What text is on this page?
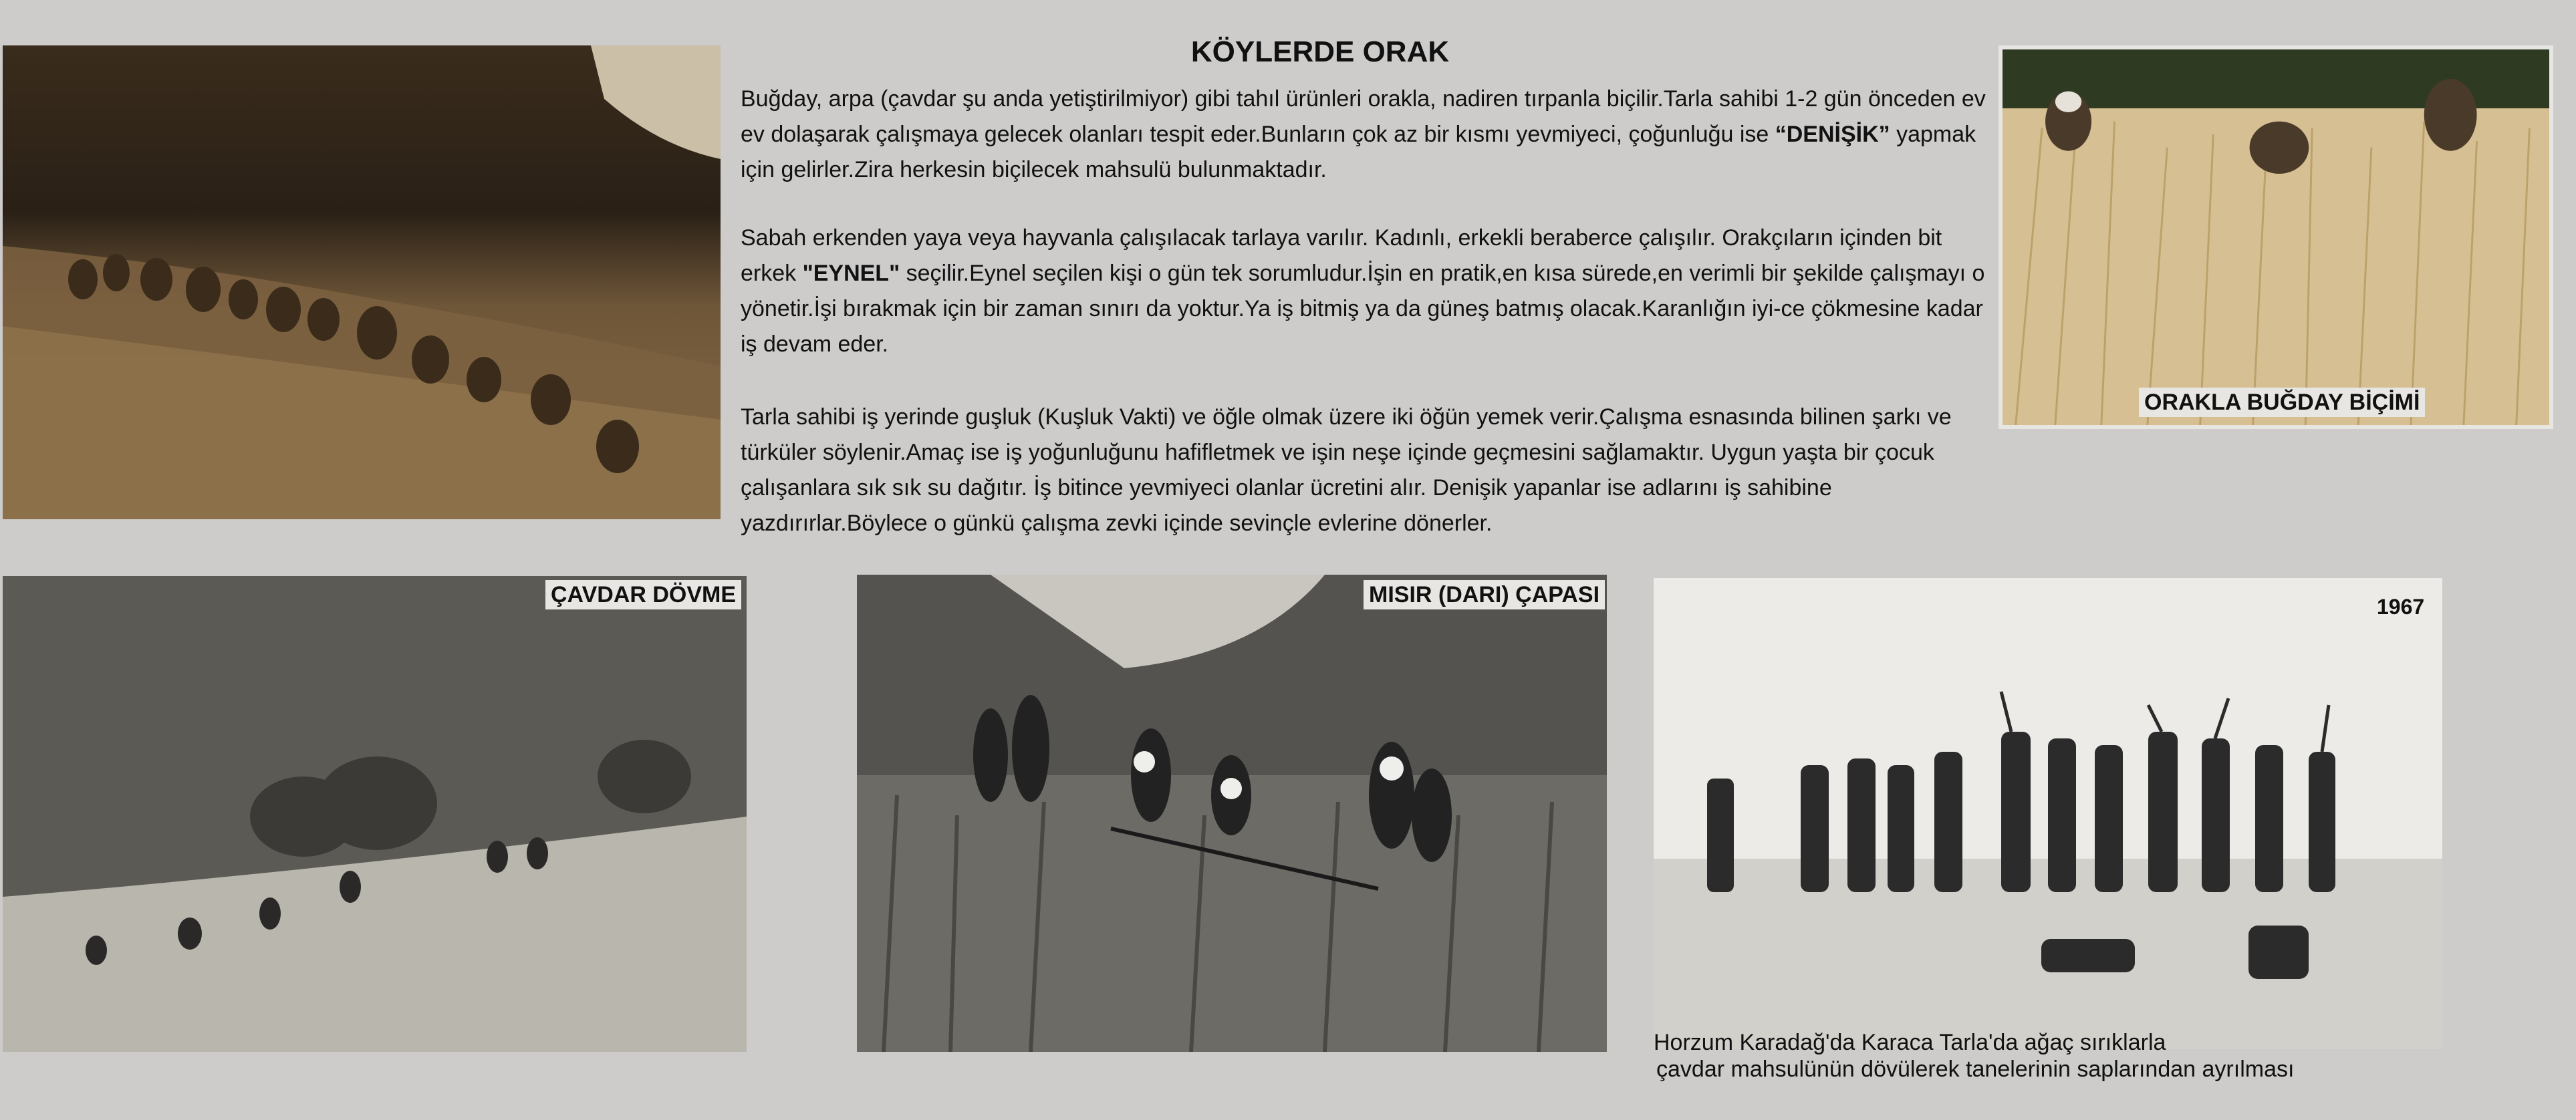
ORAKLA BUĞDAY BİÇİMİ
ÇAVDAR DÖVME	MISIR (DARI) ÇAPASI	1967
KÖYLERDE ORAK

Buğday, arpa (çavdar şu anda yetiştirilmiyor) gibi tahıl ürünleri orakla, nadiren tırpanla biçilir.Tarla sahibi 1-2 gün önceden ev ev dolaşarak çalışmaya gelecek olanları tespit eder.Bunların çok az bir kısmı yevmiyeci, çoğunluğu ise “DENİŞİK” yapmak için gelirler.Zira herkesin biçilecek mahsulü bulunmaktadır.

Sabah erkenden yaya veya hayvanla çalışılacak tarlaya varılır. Kadınlı, erkekli beraberce çalışılır. Orakçıların içinden bit erkek "EYNEL" seçilir.Eynel seçilen kişi o gün tek sorumludur.İşin en pratik,en kısa sürede,en verimli bir şekilde çalışmayı o yönetir.İşi bırakmak için bir zaman sınırı da yoktur.Ya iş bitmiş ya da güneş batmış olacak.Karanlığın iyi-ce çökmesine kadar iş devam eder.

Tarla sahibi iş yerinde guşluk (Kuşluk Vakti) ve öğle olmak üzere iki öğün yemek verir.Çalışma esnasında bilinen şarkı ve türküler söylenir.Amaç ise iş yoğunluğunu hafifletmek ve işin neşe içinde geçmesini sağlamaktır. Uygun yaşta bir çocuk çalışanlara sık sık su dağıtır. İş bitince yevmiyeci olanlar ücretini alır. Denişik yapanlar ise adlarını iş sahibine yazdırırlar.Böylece o günkü çalışma zevki içinde sevinçle evlerine dönerler.

Horzum Karadağ'da Karaca Tarla'da ağaç sırıklarla
çavdar mahsulünün dövülerek tanelerinin saplarından ayrılması
